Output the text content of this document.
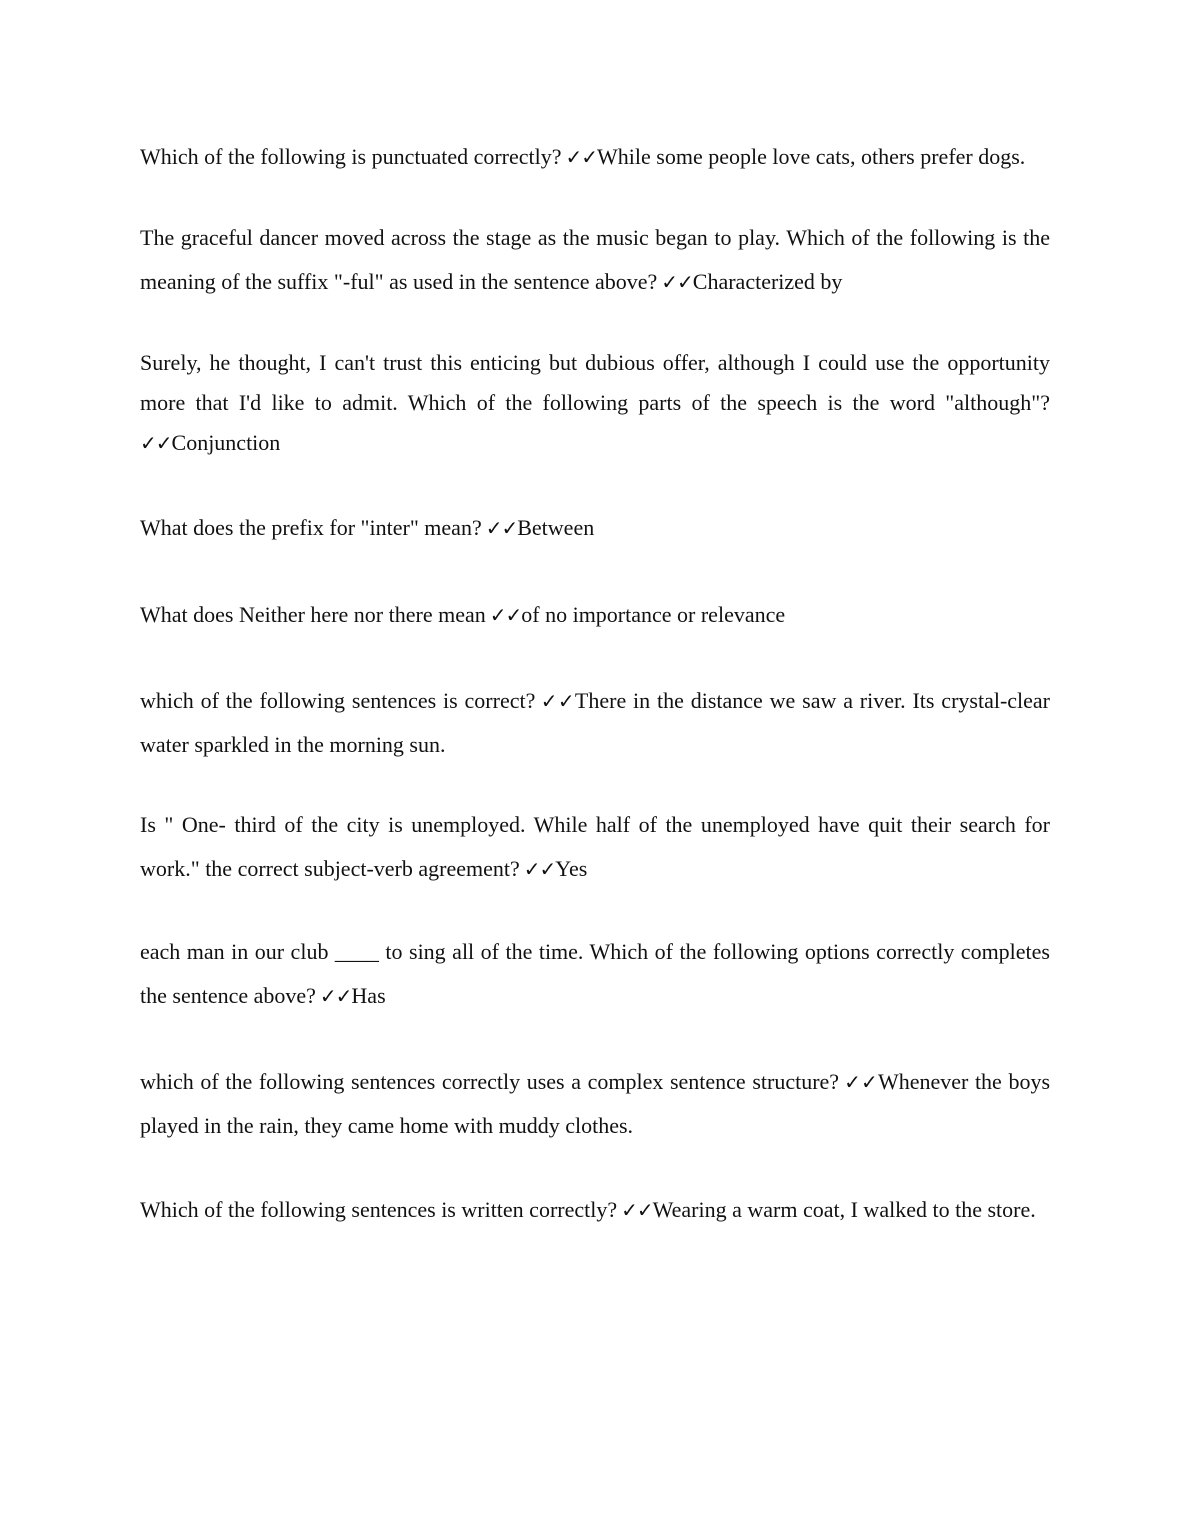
Which of the following is punctuated correctly? ✓✓While some people love cats, others prefer dogs.

The graceful dancer moved across the stage as the music began to play. Which of the following is the meaning of the suffix "-ful" as used in the sentence above? ✓✓Characterized by

Surely, he thought, I can't trust this enticing but dubious offer, although I could use the opportunity more that I'd like to admit. Which of the following parts of the speech is the word "although"? ✓✓Conjunction

What does the prefix for "inter" mean? ✓✓Between

What does Neither here nor there mean ✓✓of no importance or relevance

which of the following sentences is correct? ✓✓There in the distance we saw a river. Its crystal-clear water sparkled in the morning sun.

Is " One- third of the city is unemployed. While half of the unemployed have quit their search for work." the correct subject-verb agreement? ✓✓Yes

each man in our club ____ to sing all of the time. Which of the following options correctly completes the sentence above? ✓✓Has

which of the following sentences correctly uses a complex sentence structure? ✓✓Whenever the boys played in the rain, they came home with muddy clothes.

Which of the following sentences is written correctly? ✓✓Wearing a warm coat, I walked to the store.
